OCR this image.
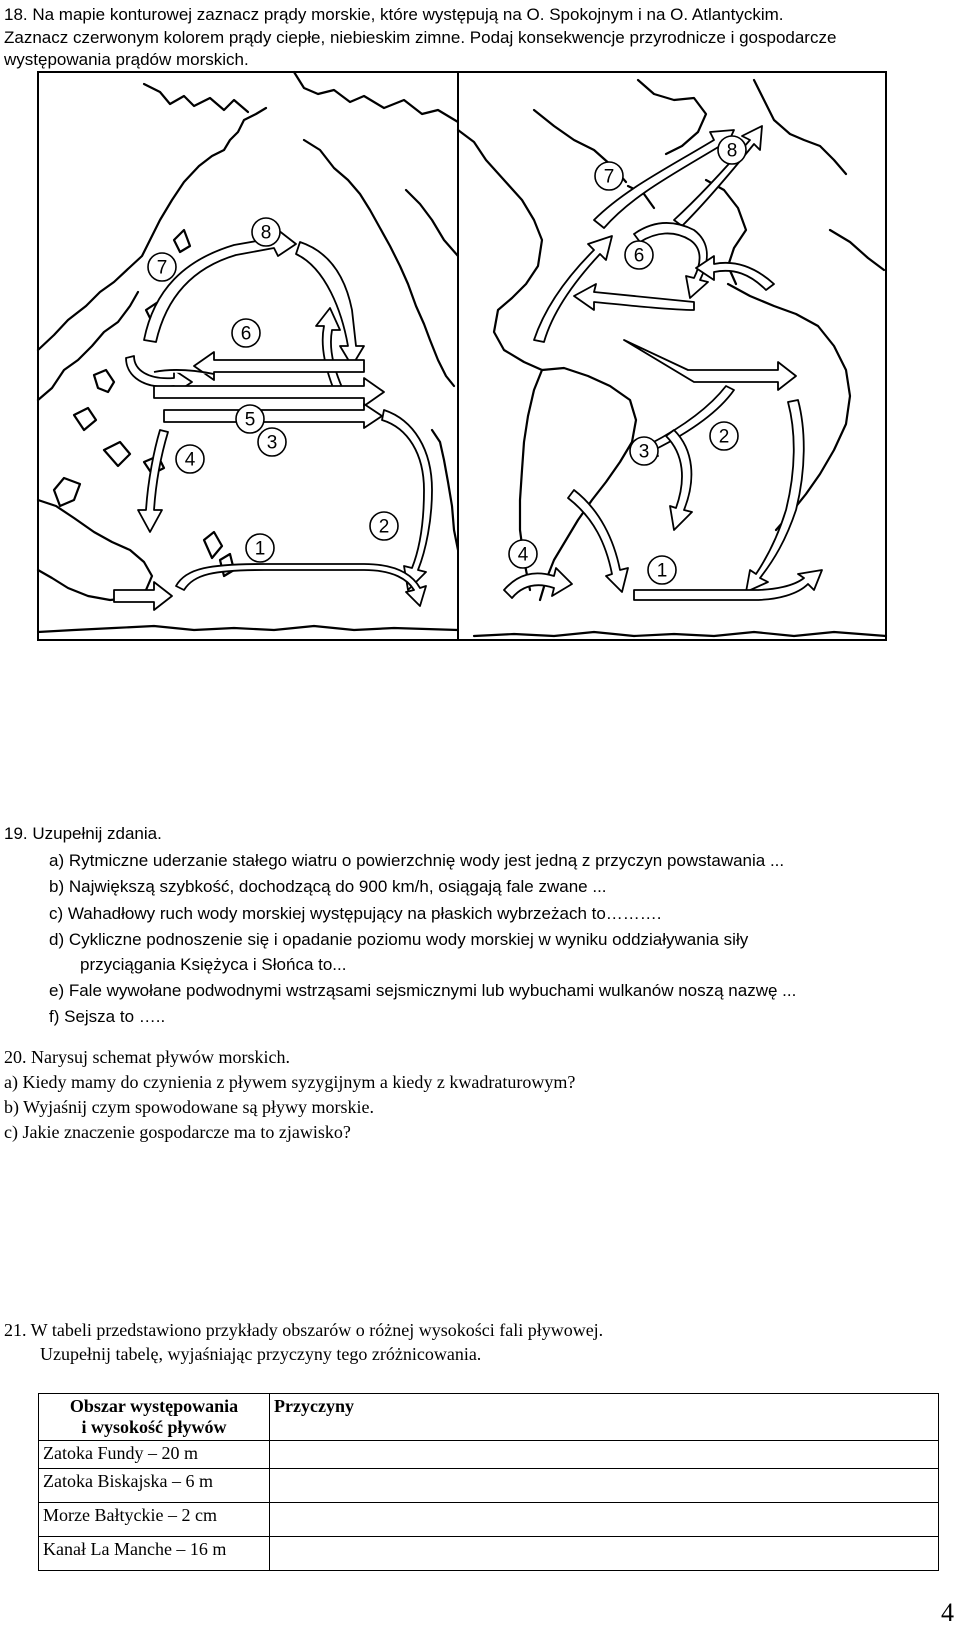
18. Na mapie konturowej zaznacz prądy morskie, które występują na O. Spokojnym i na O. Atlantyckim.
Zaznacz czerwonym kolorem prądy ciepłe, niebieskim zimne. Podaj konsekwencje przyrodnicze i gospodarcze
występowania prądów morskich.
8
7
6
5
3
4
1
2
8
7
6
3
2
4
1
19. Uzupełnij zdania.
a) Rytmiczne uderzanie stałego wiatru o powierzchnię wody jest jedną z przyczyn powstawania ...
b) Największą szybkość, dochodzącą do 900 km/h, osiągają fale zwane ...
c) Wahadłowy ruch wody morskiej występujący na płaskich wybrzeżach to……….
d) Cykliczne podnoszenie się i opadanie poziomu wody morskiej w wyniku oddziaływania siły
przyciągania Księżyca i Słońca to...
e) Fale wywołane podwodnymi wstrząsami sejsmicznymi lub wybuchami wulkanów noszą nazwę ...
f) Sejsza to …..
20. Narysuj schemat pływów morskich.
a) Kiedy mamy do czynienia z pływem syzygijnym a kiedy z kwadraturowym?
b) Wyjaśnij czym spowodowane są pływy morskie.
c) Jakie znaczenie gospodarcze ma to zjawisko?
21. W tabeli przedstawiono przykłady obszarów o różnej wysokości fali pływowej.
Uzupełnij tabelę, wyjaśniając przyczyny tego zróżnicowania.
Obszar występowania
i wysokość pływów	Przyczyny
Zatoka Fundy – 20 m	
Zatoka Biskajska – 6 m	
Morze Bałtyckie – 2 cm	
Kanał La Manche – 16 m	
4
